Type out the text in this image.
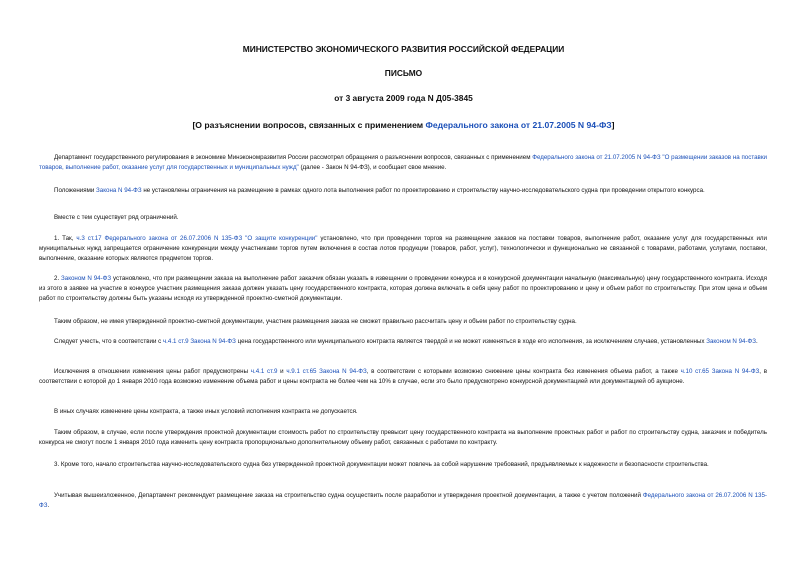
МИНИСТЕРСТВО ЭКОНОМИЧЕСКОГО РАЗВИТИЯ РОССИЙСКОЙ ФЕДЕРАЦИИ
ПИСЬМО
от 3 августа 2009 года N Д05-3845
[О разъяснении вопросов, связанных с применением Федерального закона от 21.07.2005 N 94-ФЗ]

Департамент государственного регулирования в экономике Минэкономразвития России рассмотрел обращения о разъяснении вопросов, связанных с применением Федерального закона от 21.07.2005 N 94-ФЗ "О размещении заказов на поставки товаров, выполнение работ, оказание услуг для государственных и муниципальных нужд" (далее - Закон N 94-ФЗ), и сообщает свое мнение.

Положениями Закона N 94-ФЗ не установлены ограничения на размещение в рамках одного лота выполнения работ по проектированию и строительству научно-исследовательского судна при проведении открытого конкурса.

Вместе с тем существует ряд ограничений.

1. Так, ч.3 ст.17 Федерального закона от 26.07.2006 N 135-ФЗ "О защите конкуренции" установлено, что при проведении торгов на размещение заказов на поставки товаров, выполнение работ, оказание услуг для государственных или муниципальных нужд запрещается ограничение конкуренции между участниками торгов путем включения в состав лотов продукции (товаров, работ, услуг), технологически и функционально не связанной с товарами, работами, услугами, поставки, выполнение, оказание которых являются предметом торгов.

2. Законом N 94-ФЗ установлено, что при размещении заказа на выполнение работ заказчик обязан указать в извещении о проведении конкурса и в конкурсной документации начальную (максимальную) цену государственного контракта. Исходя из этого в заявке на участие в конкурсе участник размещения заказа должен указать цену государственного контракта, которая должна включать в себя цену работ по проектированию и цену и объем работ по строительству. При этом цена и объем работ по строительству должны быть указаны исходя из утвержденной проектно-сметной документации.

Таким образом, не имея утвержденной проектно-сметной документации, участник размещения заказа не сможет правильно рассчитать цену и объем работ по строительству судна.

Следует учесть, что в соответствии с ч.4.1 ст.9 Закона N 94-ФЗ цена государственного или муниципального контракта является твердой и не может изменяться в ходе его исполнения, за исключением случаев, установленных Законом N 94-ФЗ.

Исключения в отношении изменения цены работ предусмотрены ч.4.1 ст.9 и ч.9.1 ст.65 Закона N 94-ФЗ, в соответствии с которыми возможно снижение цены контракта без изменения объема работ, а также ч.10 ст.65 Закона N 94-ФЗ, в соответствии с которой до 1 января 2010 года возможно изменение объема работ и цены контракта не более чем на 10% в случае, если это было предусмотрено конкурсной документацией или документацией об аукционе.

В иных случаях изменение цены контракта, а также иных условий исполнения контракта не допускается.

Таким образом, в случае, если после утверждения проектной документации стоимость работ по строительству превысит цену государственного контракта на выполнение проектных работ и работ по строительству судна, заказчик и победитель конкурса не смогут после 1 января 2010 года изменить цену контракта пропорционально дополнительному объему работ, связанных с работами по контракту.

3. Кроме того, начало строительства научно-исследовательского судна без утвержденной проектной документации может повлечь за собой нарушение требований, предъявляемых к надежности и безопасности строительства.

Учитывая вышеизложенное, Департамент рекомендует размещение заказа на строительство судна осуществить после разработки и утверждения проектной документации, а также с учетом положений Федерального закона от 26.07.2006 N 135-ФЗ.
